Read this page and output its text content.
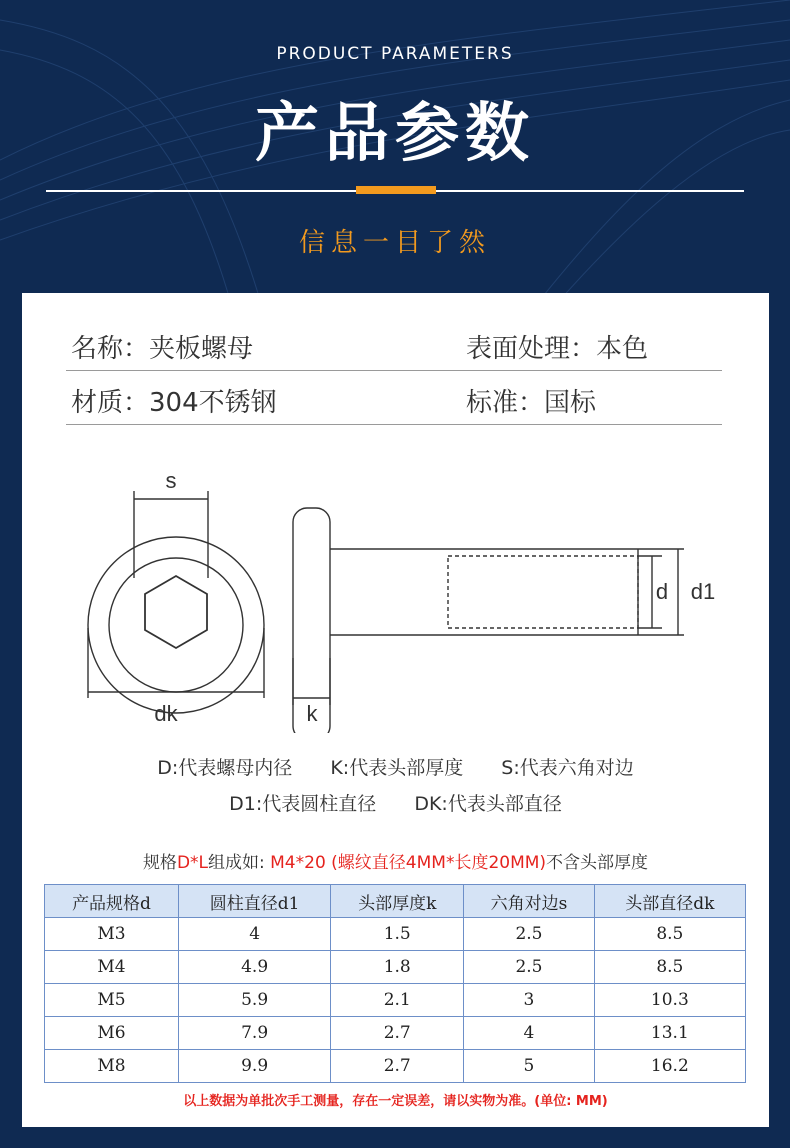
PRODUCT PARAMETERS
产品参数
信息一目了然
名称：夹板螺母	表面处理：本色
材质：304不锈钢	标准：国标
s
dk	k
d d1
D:代表螺母内径 K:代表头部厚度 S:代表六角对边
D1:代表圆柱直径 DK:代表头部直径
规格D*L组成如: M4*20 (螺纹直径4MM*长度20MM)不含头部厚度
产品规格d	圆柱直径d1	头部厚度k	六角对边s	头部直径dk
M3	4	1.5	2.5	8.5
M4	4.9	1.8	2.5	8.5
M5	5.9	2.1	3	10.3
M6	7.9	2.7	4	13.1
M8	9.9	2.7	5	16.2
以上数据为单批次手工测量，存在一定误差，请以实物为准。(单位: MM)
